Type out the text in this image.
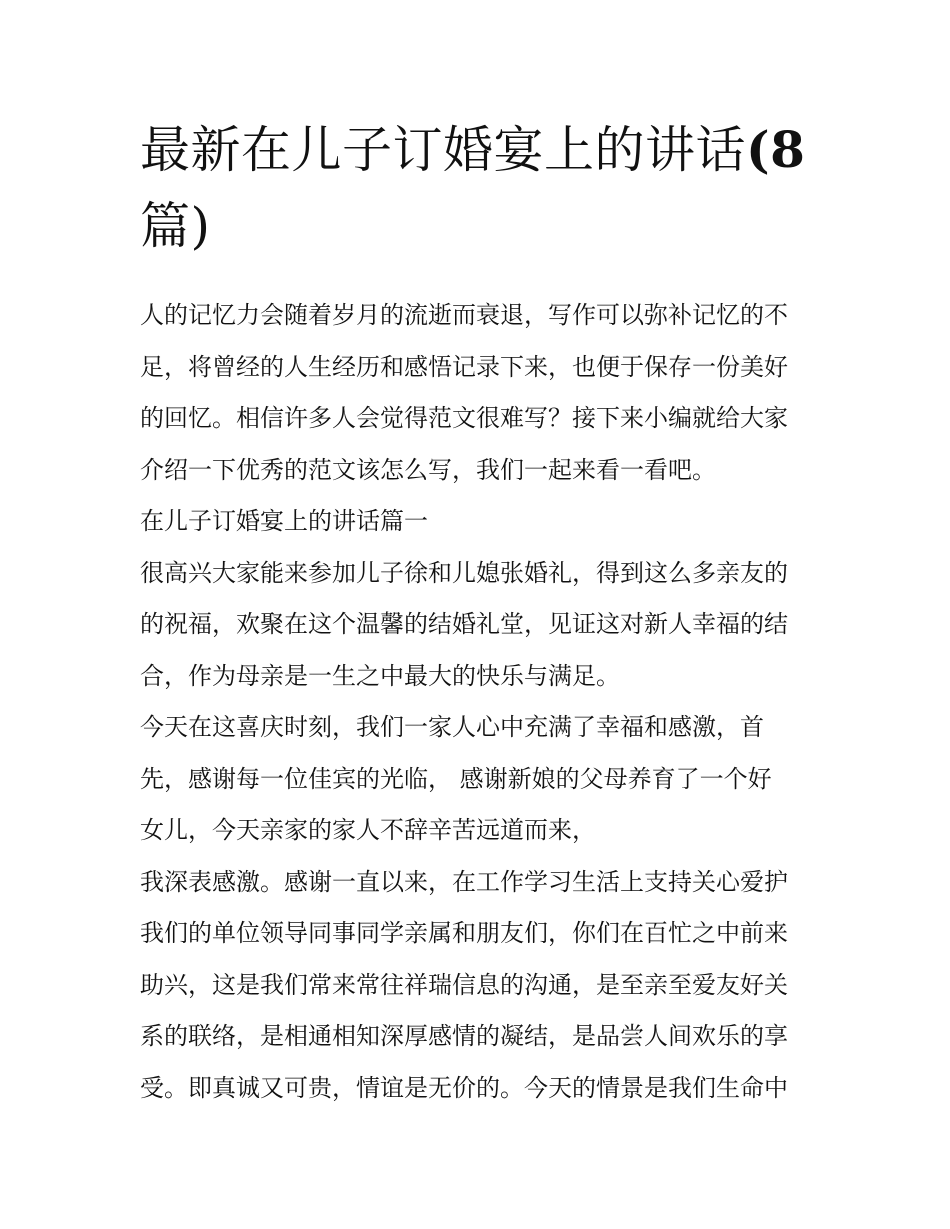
最新在儿子订婚宴上的讲话(8
篇)
人的记忆力会随着岁月的流逝而衰退，写作可以弥补记忆的不
足，将曾经的人生经历和感悟记录下来，也便于保存一份美好
的回忆。相信许多人会觉得范文很难写？接下来小编就给大家
介绍一下优秀的范文该怎么写，我们一起来看一看吧。
在儿子订婚宴上的讲话篇一
很高兴大家能来参加儿子徐和儿媳张婚礼，得到这么多亲友的
的祝福，欢聚在这个温馨的结婚礼堂，见证这对新人幸福的结
合，作为母亲是一生之中最大的快乐与满足。
今天在这喜庆时刻，我们一家人心中充满了幸福和感激，首
先，感谢每一位佳宾的光临， 感谢新娘的父母养育了一个好
女儿，今天亲家的家人不辞辛苦远道而来，
我深表感激。感谢一直以来，在工作学习生活上支持关心爱护
我们的单位领导同事同学亲属和朋友们，你们在百忙之中前来
助兴，这是我们常来常往祥瑞信息的沟通，是至亲至爱友好关
系的联络，是相通相知深厚感情的凝结，是品尝人间欢乐的享
受。即真诚又可贵，情谊是无价的。今天的情景是我们生命中
